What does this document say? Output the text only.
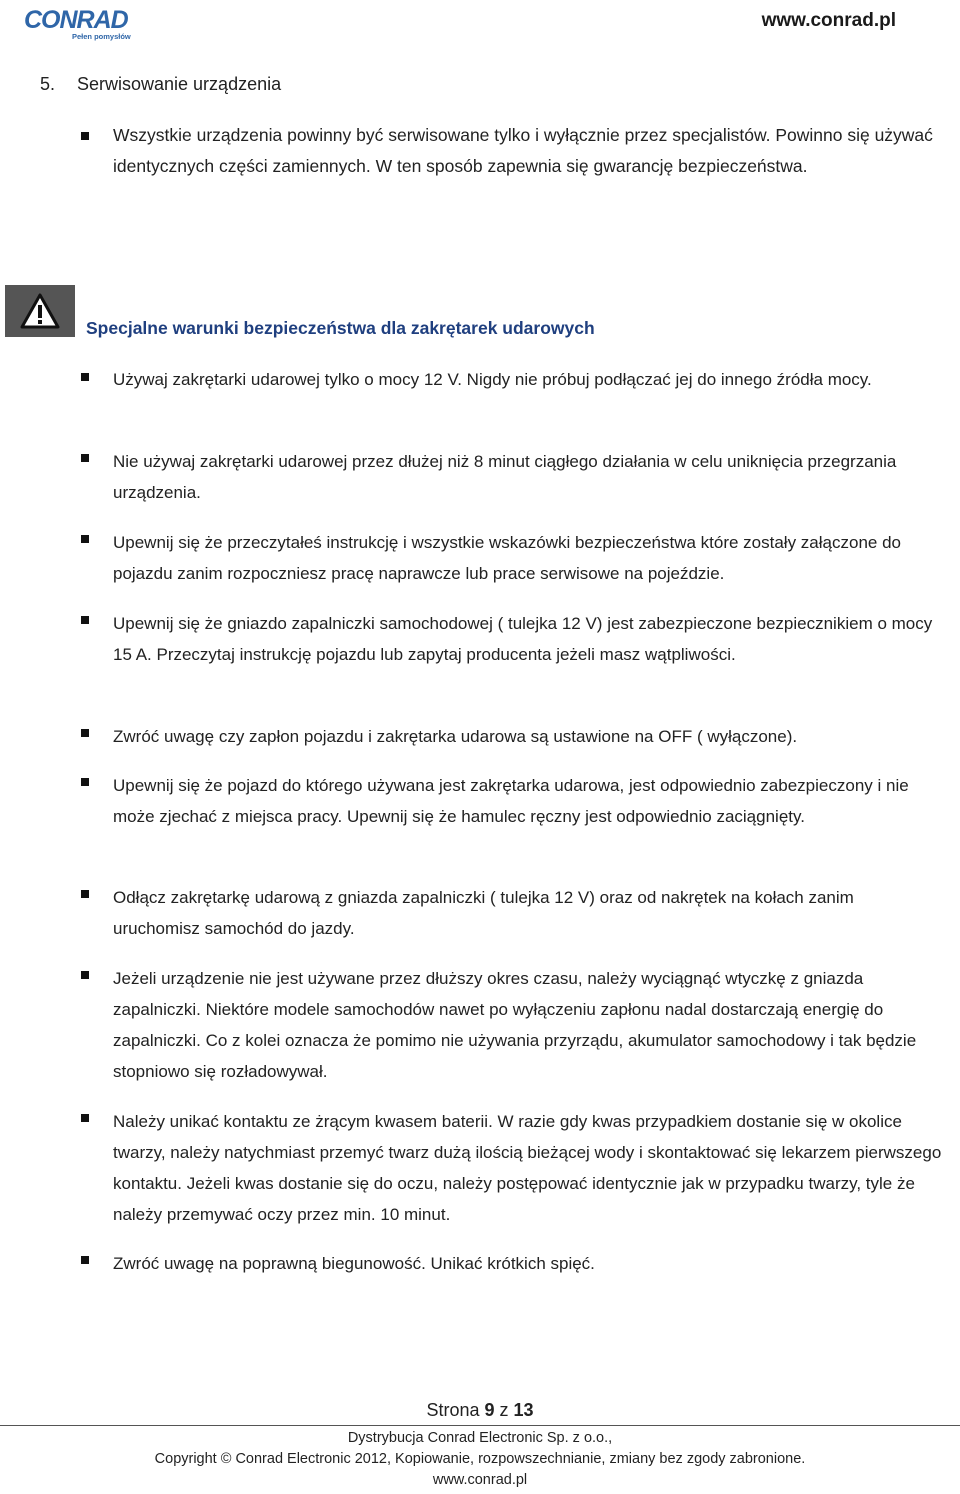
CONRAD
Pełen pomysłów
www.conrad.pl
5. Serwisowanie urządzenia
Wszystkie urządzenia powinny być serwisowane tylko i wyłącznie przez specjalistów. Powinno się używać identycznych części zamiennych. W ten sposób zapewnia się gwarancję bezpieczeństwa.
Specjalne warunki bezpieczeństwa dla zakrętarek udarowych
Używaj zakrętarki udarowej tylko o mocy 12 V. Nigdy nie próbuj podłączać jej do innego źródła mocy.
Nie używaj zakrętarki udarowej przez dłużej niż 8 minut ciągłego działania w celu uniknięcia przegrzania urządzenia.
Upewnij się że przeczytałeś instrukcję i wszystkie wskazówki bezpieczeństwa które zostały załączone do pojazdu zanim rozpoczniesz pracę naprawcze lub prace serwisowe na pojeździe.
Upewnij się że gniazdo zapalniczki samochodowej ( tulejka 12 V) jest zabezpieczone bezpiecznikiem o mocy 15 A. Przeczytaj instrukcję pojazdu lub zapytaj producenta jeżeli masz wątpliwości.
Zwróć uwagę czy zapłon pojazdu i zakrętarka udarowa są ustawione na OFF ( wyłączone).
Upewnij się że pojazd do którego używana jest zakrętarka udarowa, jest odpowiednio zabezpieczony i nie może zjechać z miejsca pracy. Upewnij się że hamulec ręczny jest odpowiednio zaciągnięty.
Odłącz zakrętarkę udarową z gniazda zapalniczki ( tulejka 12 V) oraz od nakrętek na kołach zanim uruchomisz samochód do jazdy.
Jeżeli urządzenie nie jest używane przez dłuższy okres czasu, należy wyciągnąć wtyczkę z gniazda zapalniczki. Niektóre modele samochodów nawet po wyłączeniu zapłonu nadal dostarczają energię do zapalniczki. Co z kolei oznacza że pomimo nie używania przyrządu, akumulator samochodowy i tak będzie stopniowo się rozładowywał.
Należy unikać kontaktu ze żrącym kwasem baterii. W razie gdy kwas przypadkiem dostanie się w okolice twarzy, należy natychmiast przemyć twarz dużą ilością bieżącej wody i skontaktować się lekarzem pierwszego kontaktu. Jeżeli kwas dostanie się do oczu, należy postępować identycznie jak w przypadku twarzy, tyle że należy przemywać oczy przez min. 10 minut.
Zwróć uwagę na poprawną biegunowość. Unikać krótkich spięć.
Strona 9 z 13
Dystrybucja Conrad Electronic Sp. z o.o.,
Copyright © Conrad Electronic 2012, Kopiowanie, rozpowszechnianie, zmiany bez zgody zabronione.
www.conrad.pl
